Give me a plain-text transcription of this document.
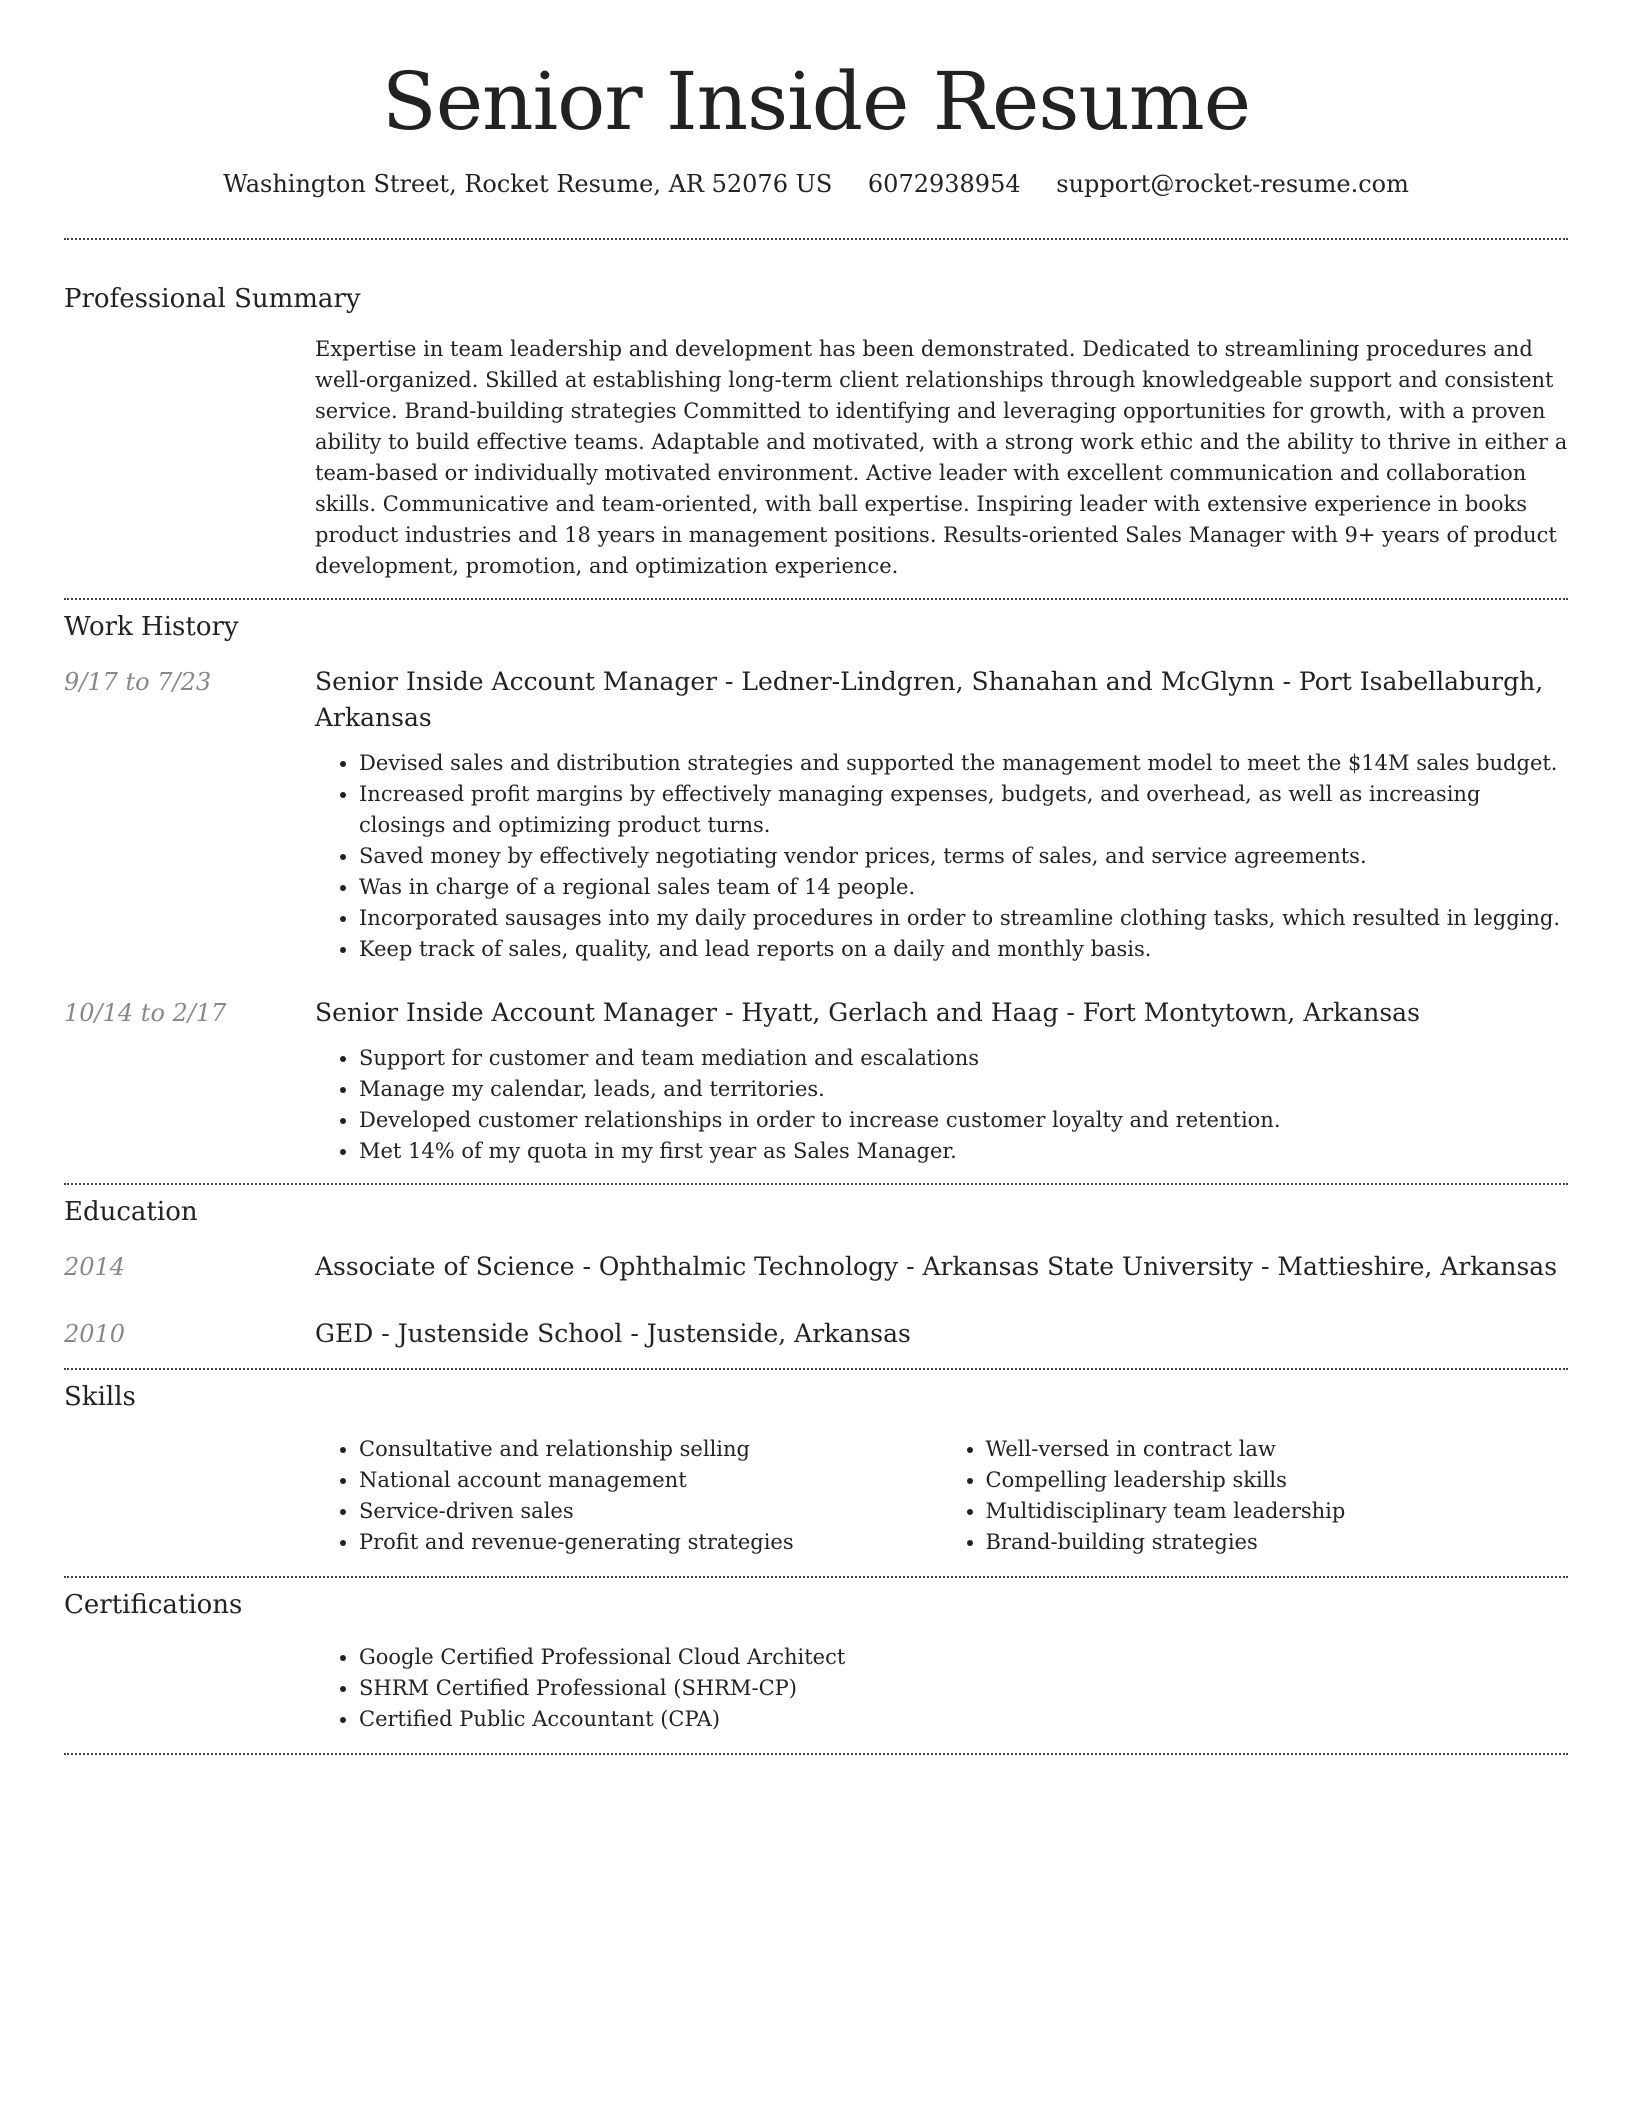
Senior Inside Resume
Washington Street, Rocket Resume, AR 52076 US 6072938954 support@rocket-resume.com
Professional Summary
Expertise in team leadership and development has been demonstrated. Dedicated to streamlining procedures and well-organized. Skilled at establishing long-term client relationships through knowledgeable support and consistent service. Brand-building strategies Committed to identifying and leveraging opportunities for growth, with a proven ability to build effective teams. Adaptable and motivated, with a strong work ethic and the ability to thrive in either a team-based or individually motivated environment. Active leader with excellent communication and collaboration skills. Communicative and team-oriented, with ball expertise. Inspiring leader with extensive experience in books product industries and 18 years in management positions. Results-oriented Sales Manager with 9+ years of product development, promotion, and optimization experience.
Work History
9/17 to 7/23	Senior Inside Account Manager - Ledner-Lindgren, Shanahan and McGlynn - Port Isabellaburgh, Arkansas
• Devised sales and distribution strategies and supported the management model to meet the $14M sales budget.
• Increased profit margins by effectively managing expenses, budgets, and overhead, as well as increasing closings and optimizing product turns.
• Saved money by effectively negotiating vendor prices, terms of sales, and service agreements.
• Was in charge of a regional sales team of 14 people.
• Incorporated sausages into my daily procedures in order to streamline clothing tasks, which resulted in legging.
• Keep track of sales, quality, and lead reports on a daily and monthly basis.
10/14 to 2/17	Senior Inside Account Manager - Hyatt, Gerlach and Haag - Fort Montytown, Arkansas
• Support for customer and team mediation and escalations
• Manage my calendar, leads, and territories.
• Developed customer relationships in order to increase customer loyalty and retention.
• Met 14% of my quota in my first year as Sales Manager.
Education
2014	Associate of Science - Ophthalmic Technology - Arkansas State University - Mattieshire, Arkansas
2010	GED - Justenside School - Justenside, Arkansas
Skills
• Consultative and relationship selling
• National account management
• Service-driven sales
• Profit and revenue-generating strategies
• Well-versed in contract law
• Compelling leadership skills
• Multidisciplinary team leadership
• Brand-building strategies
Certifications
• Google Certified Professional Cloud Architect
• SHRM Certified Professional (SHRM-CP)
• Certified Public Accountant (CPA)
